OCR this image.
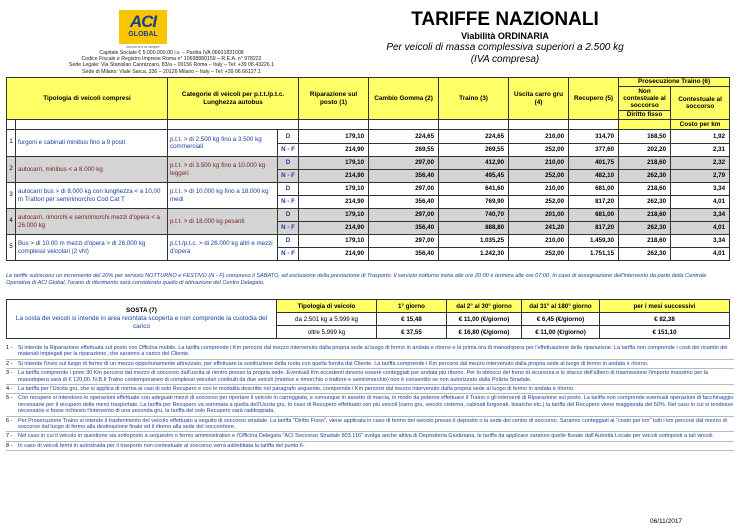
ACI
GLOBAL
soccorrsi a la sempre
Capitale Sociale € 5.000.000,00 i.v. – Partita IVA 06601831008
Codice Fiscale e Registro Imprese Roma n° 10698880159 – R.E.A. n° 978222
Sede Legale: Via Stanislao Cannizzaro, 83/a – 00156 Roma – Italy – Tel: +39 06.43226.1
Sede di Milano: Viale Sarca, 336 – 20126 Milano – Italy – Tel: +39 06.66127.1
TARIFFE NAZIONALI
Viabilità ORDINARIA
Per veicoli di massa complessiva superiori a 2.500 kg
(IVA compresa)
Tipologia di veicoli compresi		Categorie di veicoli per p.t.t./p.t.c. Lunghezza autobus		Riparazione sul posto (1)	Cambio Gomma (2)	Traino (3)	Uscita carro gru (4)	Recupero (5)	Prosecuzione Traino (6)	
									Non contestuale al soccorso	Contestuale al soccorso
									Diritto fisso	
										Costo per km
1	furgoni e cabinati minibus fino a 9 posti	p.t.t. > di 2.500 kg fino a 3.500 kg commerciali	D	179,10	224,65	224,65	210,00	314,70	168,50	1,92
			N - F	214,90	269,55	269,55	252,00	377,60	202,20	2,31
2	autocarri, minibus < a 8.000 kg	p.t.t. > di 3.500 kg fino a 10.000 kg leggeri	D	179,10	297,00	412,90	210,00	401,75	218,60	2,32
			N - F	214,90	356,40	495,45	252,00	482,10	262,30	2,79
3	autocarri bus > di 8.000 kg con lunghezza < a 10,00 m Trattori per semirimorchio Cod Cat T	p.t.t. > di 10.000 kg fino a 18.000 kg medi	D	179,10	297,00	641,60	210,00	681,00	218,60	3,34
			N - F	214,90	356,40	769,90	252,00	817,20	262,30	4,01
4	autocarri, rimorchi e semirimorchi mezzi d'opera < a 26.000 kg	p.t.t. > di 18.000 kg pesanti	D	179,10	297,00	740,70	201,00	681,00	218,60	3,34
			N - F	214,90	356,40	888,80	241,20	817,20	262,30	4,01
5	Bus > di 10.00 m mezzi d'opera > di 26.000 kg complessi veicolari (2 vhl)	p.t.t./p.t.c. > di 26.000 kg altri e mezzi d'opera	D	179,10	297,00	1.035,25	210,00	1.459,30	218,60	3,34
			N - F	214,90	356,40	1.242,30	252,00	1.751,15	262,30	4,01
Le tariffe subiscono un incremento del 20% per servizio NOTTURNO e FESTIVO (N - F) compreso il SABATO, ad esclusione della prestazione di Trasporto. Il servizio notturno inizia alle ore 20:00 e termina alle ore 07:00. In caso di assegnazione dell'intervento da parte della Centrale Operativa di ACI Global, l'orario di riferimento sarà considerato quello di attivazione del Centro Delegato.
SOSTA (7)
La sosta dei veicoli si intende in area recintata scoperta e non comprende la custodia del carico	Tipologia di veicolo	1° giorno	dal 2° al 30° giorno	dal 31° al 180° giorno	per i mesi successivi
	da 2.501 kg a 5.999 kg	€ 15,48	€ 11,00 (€/giorno)	€ 6,45 (€/giorno)	€ 82,38
	oltre 5.999 kg	€ 37,55	€ 16,80 (€/giorno)	€ 11,00 (€/giorno)	€ 151,10
1 - Si intende la Riparazione effettuata sul posto con Officina mobile. La tariffa comprende i Km percorsi dal mezzo intervenuto dalla propria sede al luogo di fermo in andata e ritorno e la prima ora di manodopera per l'effettuazione della riparazione. La tariffa non comprende i costi dei ricambi dei materiali impiegati per la riparazione, che saranno a carico del Cliente.
2 - Si intende l'invio sul luogo di fermo di un mezzo opportunamente attrezzato, per effettuare la sostituzione della ruota con quella fornita dal Cliente. La tariffa comprende i Km percorsi dal mezzo intervenuto dalla propria sede al luogo di fermo in andata e ritorno.
3 - La tariffa comprende i primi 30 Km percorsi dal mezzo di soccorso dall'uscita al rientro presso la propria sede. Eventuali Km eccedenti devono essere conteggiati per andata più ritorno. Per lo sblocco del freno di sicurezza e lo stacco dell'albero di trasmissione l'importo massimo per la manodopera sarà di € 120,00. N.B.Il Traino contemporaneo di complessi veicolari costituiti da due veicoli (motrice e rimorchio o trattore e semirimorchio) non è consentito se non autorizzato dalla Polizia Stradale.
4 - La tariffa per l'Uscita gru, che si applica di norma ai casi di solo Recupero e con le modalità descritte nel paragrafo seguente, comprende i Km percorsi dal mezzo intervenuto dalla propria sede al luogo di fermo in andata e ritorno.
5 - Con recupero si intendono le operazioni effettuate con adeguati mezzi di soccorso per riportare il veicolo in carreggiata, e comunque in assetto di marcia, in modo da poterne effettuare il Traino o gli interventi di Riparazione sul posto. La tariffa non comprende eventuali operazioni di facchinaggio necessarie per il recupero delle merci trasportate. La tariffa per Recupero va sommata a quella dell'Uscita gru. In caso di Recupero effettuato con più veicoli (carro gru, veicolo cisterna, cabinati furgonati, bisarche etc.) la tariffa del Recupero viene maggiorata del 50%. Nel caso in cui si rendesse necessario e fosse richiesto l'intervento di una seconda gru, la tariffa del solo Recupero sarà raddoppiata.
6 - Per Prosecuzione Traino si intende il trasferimento del veicolo effettuato a seguito di soccorso stradale. La tariffa "Diritto Fisso", viene applicata in caso di fermo del veicolo presso il deposito o la sede del centro di soccorso. Saranno conteggiati al "costo per km" tutti i km percorsi dal mezzo di soccorso dal luogo di fermo alla destinazione finale ed il ritorno alla sede del soccorritore.
7 - Nel caso in cui il veicolo in questione sia sottoposto a sequestro o fermo amministrativo e l'Officina Delegata "ACI Soccorso Stradale 803.116" svolga anche attiva di Depositeria Giudiziaria, le tariffa da applicare saranno quelle fissate dall'Autorità Locale per veicoli sottoposti a tali vincoli.
8 - In caso di veicoli fermi in autostrada per il trasporto non contestuale al soccorso verrà addebitata la tariffa del punto 6-
06/11/2017
